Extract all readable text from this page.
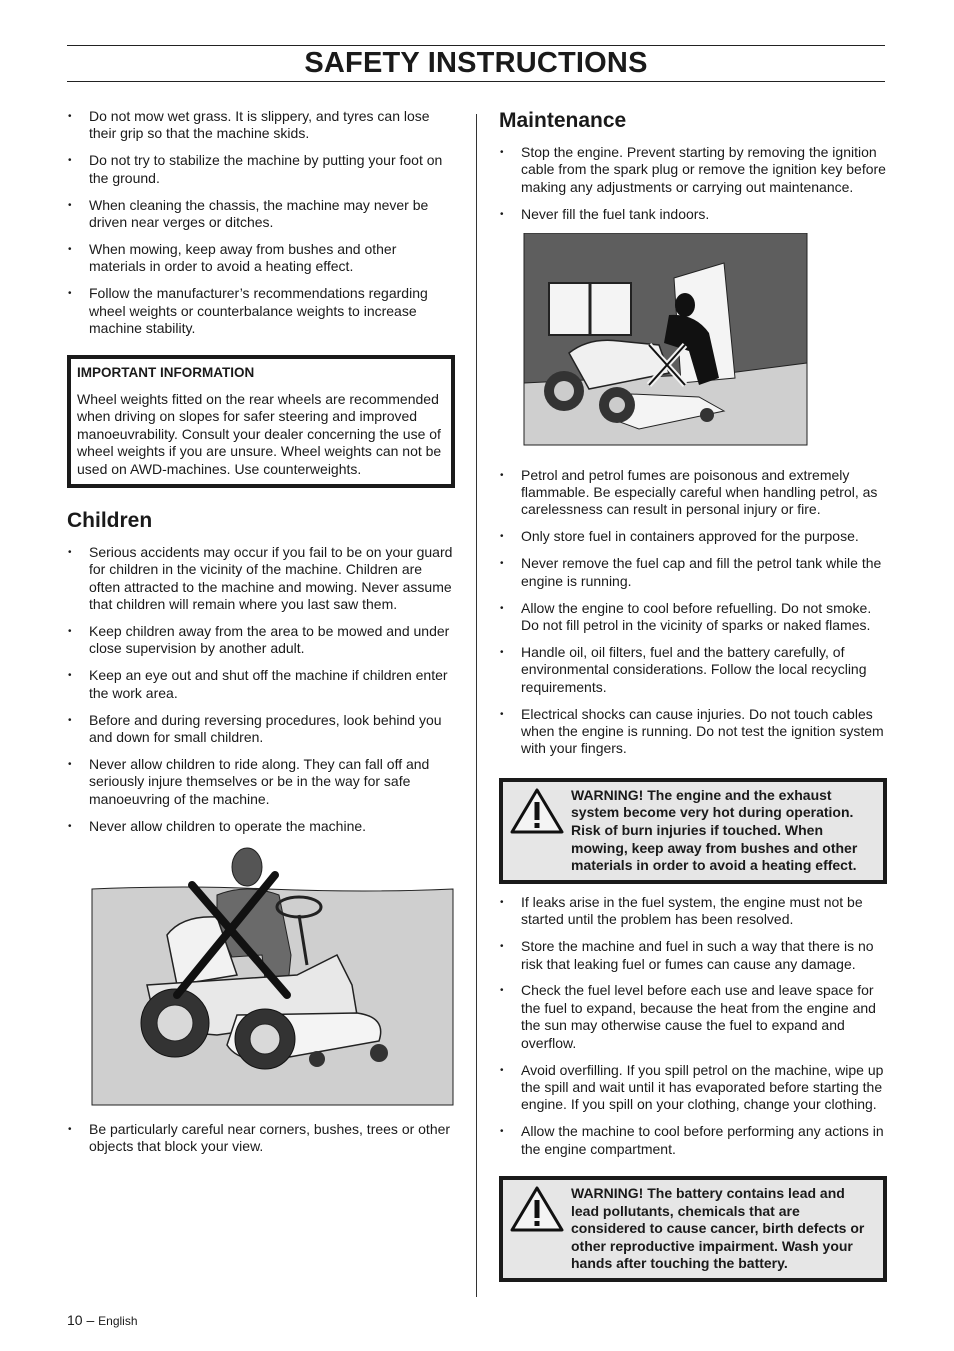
SAFETY INSTRUCTIONS
• Do not mow wet grass. It is slippery, and tyres can lose their grip so that the machine skids.
• Do not try to stabilize the machine by putting your foot on the ground.
• When cleaning the chassis, the machine may never be driven near verges or ditches.
• When mowing, keep away from bushes and other materials in order to avoid a heating effect.
• Follow the manufacturer’s recommendations regarding wheel weights or counterbalance weights to increase machine stability.
IMPORTANT INFORMATION
Wheel weights fitted on the rear wheels are recommended when driving on slopes for safer steering and improved manoeuvrability. Consult your dealer concerning the use of wheel weights if you are unsure. Wheel weights can not be used on AWD-machines. Use counterweights.
Children
• Serious accidents may occur if you fail to be on your guard for children in the vicinity of the machine. Children are often attracted to the machine and mowing. Never assume that children will remain where you last saw them.
• Keep children away from the area to be mowed and under close supervision by another adult.
• Keep an eye out and shut off the machine if children enter the work area.
• Before and during reversing procedures, look behind you and down for small children.
• Never allow children to ride along. They can fall off and seriously injure themselves or be in the way for safe manoeuvring of the machine.
• Never allow children to operate the machine.
• Be particularly careful near corners, bushes, trees or other objects that block your view.
Maintenance
• Stop the engine. Prevent starting by removing the ignition cable from the spark plug or remove the ignition key before making any adjustments or carrying out maintenance.
• Never fill the fuel tank indoors.
• Petrol and petrol fumes are poisonous and extremely flammable. Be especially careful when handling petrol, as carelessness can result in personal injury or fire.
• Only store fuel in containers approved for the purpose.
• Never remove the fuel cap and fill the petrol tank while the engine is running.
• Allow the engine to cool before refuelling. Do not smoke. Do not fill petrol in the vicinity of sparks or naked flames.
• Handle oil, oil filters, fuel and the battery carefully, of environmental considerations. Follow the local recycling requirements.
• Electrical shocks can cause injuries. Do not touch cables when the engine is running. Do not test the ignition system with your fingers.
WARNING! The engine and the exhaust system become very hot during operation. Risk of burn injuries if touched. When mowing, keep away from bushes and other materials in order to avoid a heating effect.
• If leaks arise in the fuel system, the engine must not be started until the problem has been resolved.
• Store the machine and fuel in such a way that there is no risk that leaking fuel or fumes can cause any damage.
• Check the fuel level before each use and leave space for the fuel to expand, because the heat from the engine and the sun may otherwise cause the fuel to expand and overflow.
• Avoid overfilling. If you spill petrol on the machine, wipe up the spill and wait until it has evaporated before starting the engine. If you spill on your clothing, change your clothing.
• Allow the machine to cool before performing any actions in the engine compartment.
WARNING! The battery contains lead and lead pollutants, chemicals that are considered to cause cancer, birth defects or other reproductive impairment. Wash your hands after touching the battery.
10 – English
